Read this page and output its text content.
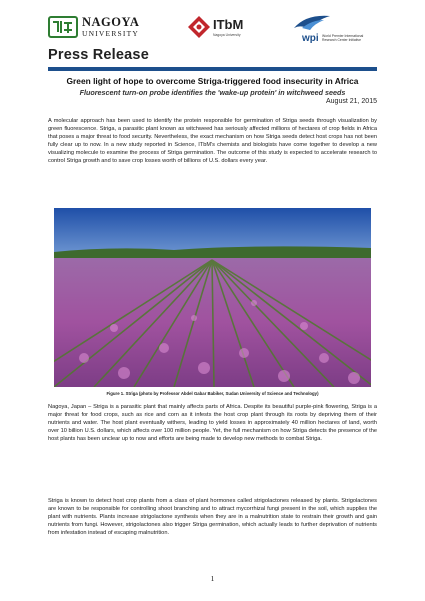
NAGOYA
UNIVERSITY
ITbM
Nagoya University	wpi World Premier International Research Center Initiative
Press Release
Green light of hope to overcome Striga-triggered food insecurity in Africa
Fluorescent turn-on probe identifies the 'wake-up protein' in witchweed seeds
August 21, 2015
A molecular approach has been used to identify the protein responsible for germination of Striga seeds through visualization by green fluorescence. Striga, a parasitic plant known as witchweed has seriously affected millions of hectares of crop fields in Africa that poses a major threat to food security. Nevertheless, the exact mechanism on how Striga seeds detect host crops has not been fully clear up to now. In a new study reported in Science, ITbM's chemists and biologists have come together to develop a new visualizing molecule to examine the process of Striga germination. The outcome of this study is expected to accelerate research to control Striga growth and to save crop losses worth of billions of U.S. dollars every year.
Figure 1. Striga (photo by Professor Abdel Gabar Babiker, Sudan University of Science and Technology)
Nagoya, Japan – Striga is a parasitic plant that mainly affects parts of Africa. Despite its beautiful purple-pink flowering, Striga is a major threat for food crops, such as rice and corn as it infests the host crop plant through its roots by depriving them of their nutrients and water. The host plant eventually withers, leading to yield losses in approximately 40 million hectares of land, worth over 10 billion U.S. dollars, which affects over 100 million people. Yet, the full mechanism on how Striga detects the presence of the host plants has been unclear up to now and efforts are being made to develop new methods to combat Striga.
Striga is known to detect host crop plants from a class of plant hormones called strigolactones released by plants. Strigolactones are known to be responsible for controlling shoot branching and to attract mycorrhizal fungi present in the soil, which supplies the plant with nutrients. Plants increase strigolactone synthesis when they are in a malnutrition state to restrain their growth and gain nutrients from fungi. However, strigolactones also trigger Striga germination, which actually leads to further deprivation of nutrients from infestation instead of escaping malnutrition.
1
